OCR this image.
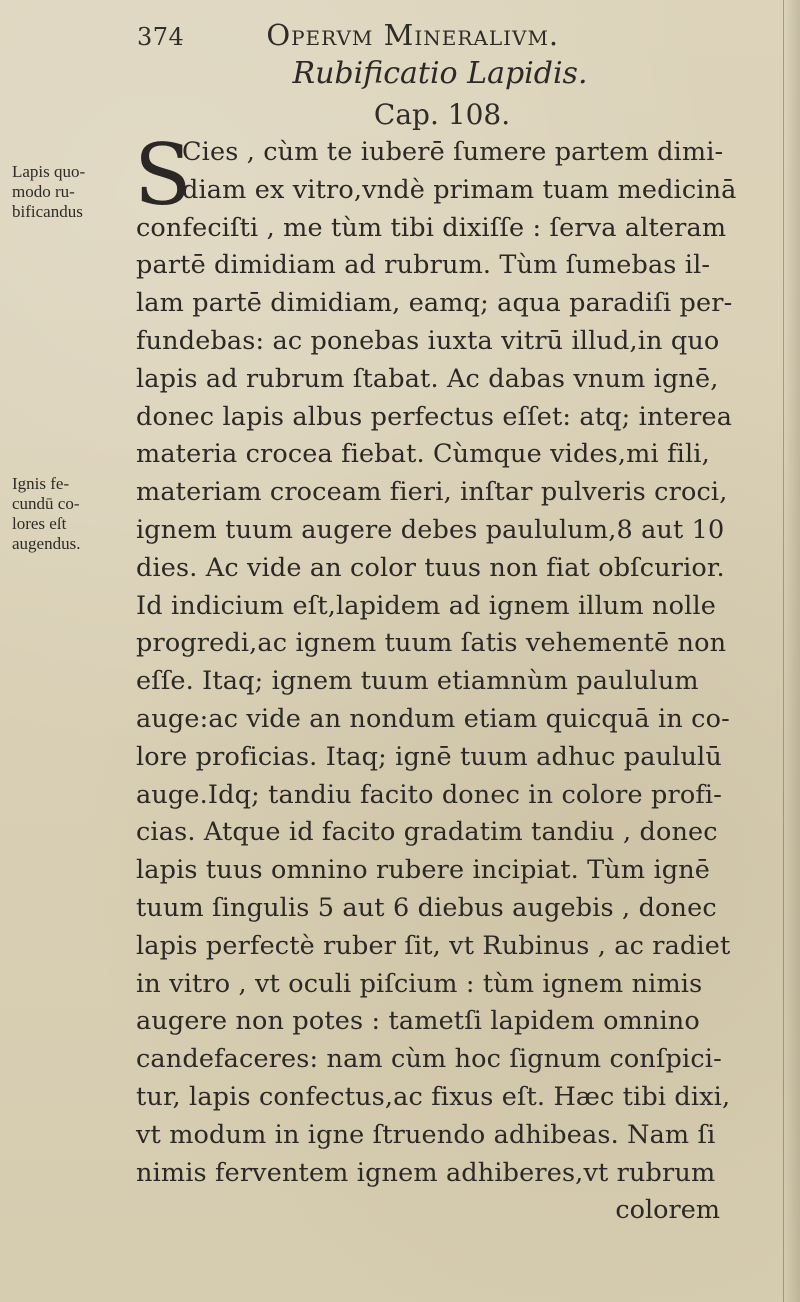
374	Opervm Mineralivm.
Rubificatio Lapidis.
Cap. 108.
Lapis quo-
modo ru-
bificandus
Ignis fe-
cundū co-
lores eſt
augendus.
S
Cies , cùm te iuberē ſumere partem dimi-
diam ex vitro,vndè primam tuam medicinā
confeciſti , me tùm tibi dixiſſe : ſerva alteram
partē dimidiam ad rubrum. Tùm ſumebas il-
lam partē dimidiam, eamq; aqua paradiſi per-
fundebas: ac ponebas iuxta vitrū illud,in quo
lapis ad rubrum ſtabat. Ac dabas vnum ignē,
donec lapis albus perfectus eſſet: atq; interea
materia crocea fiebat. Cùmque vides,mi fili,
materiam croceam fieri, inſtar pulveris croci,
ignem tuum augere debes paululum,8 aut 10
dies. Ac vide an color tuus non fiat obſcurior.
Id indicium eſt,lapidem ad ignem illum nolle
progredi,ac ignem tuum ſatis vehementē non
eſſe. Itaq; ignem tuum etiamnùm paululum
auge:ac vide an nondum etiam quicquā in co-
lore proficias. Itaq; ignē tuum adhuc paululū
auge.Idq; tandiu facito donec in colore profi-
cias. Atque id facito gradatim tandiu , donec
lapis tuus omnino rubere incipiat. Tùm ignē
tuum ſingulis 5 aut 6 diebus augebis , donec
lapis perfectè ruber ſit, vt Rubinus , ac radiet
in vitro , vt oculi piſcium : tùm ignem nimis
augere non potes : tametſi lapidem omnino
candefaceres: nam cùm hoc ſignum conſpici-
tur, lapis confectus,ac fixus eſt. Hæc tibi dixi,
vt modum in igne ſtruendo adhibeas. Nam ſi
nimis ferventem ignem adhiberes,vt rubrum
colorem
